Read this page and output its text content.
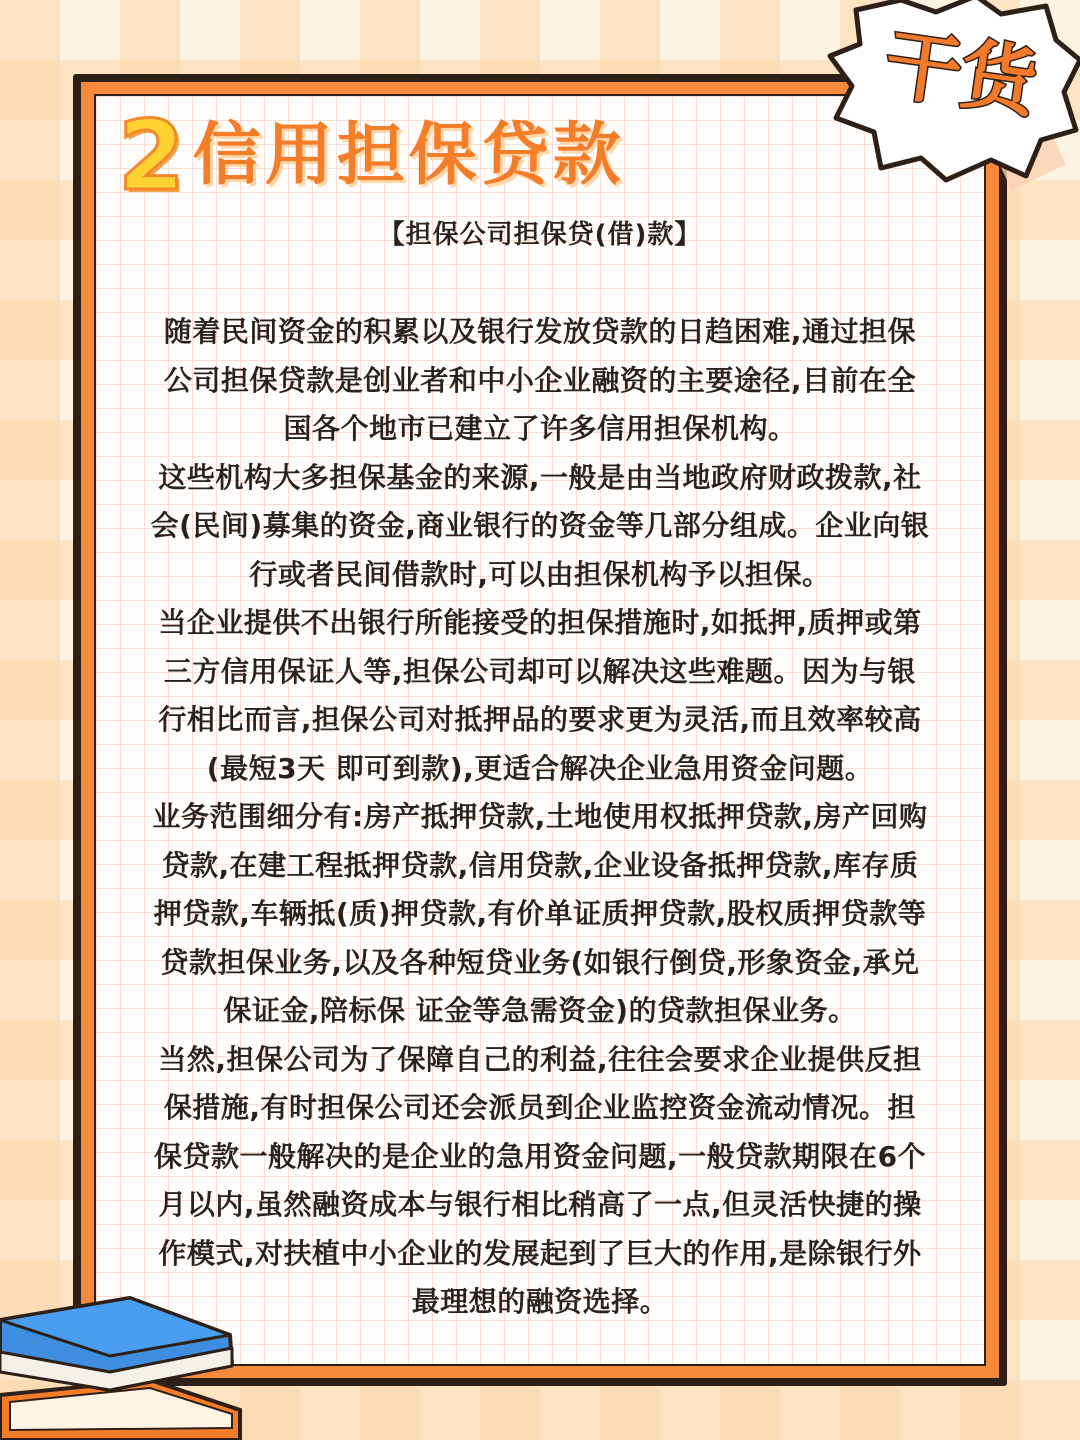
2 信用担保贷款
【担保公司担保贷(借)款】

随着民间资金的积累以及银行发放贷款的日趋困难,通过担保公司担保贷款是创业者和中小企业融资的主要途径,目前在全国各个地市已建立了许多信用担保机构。

这些机构大多担保基金的来源,一般是由当地政府财政拨款,社会(民间)募集的资金,商业银行的资金等几部分组成。企业向银行或者民间借款时,可以由担保机构予以担保。

当企业提供不出银行所能接受的担保措施时,如抵押,质押或第三方信用保证人等,担保公司却可以解决这些难题。因为与银行相比而言,担保公司对抵押品的要求更为灵活,而且效率较高(最短3天 即可到款),更适合解决企业急用资金问题。

业务范围细分有:房产抵押贷款,土地使用权抵押贷款,房产回购贷款,在建工程抵押贷款,信用贷款,企业设备抵押贷款,库存质押贷款,车辆抵(质)押贷款,有价单证质押贷款,股权质押贷款等贷款担保业务,以及各种短贷业务(如银行倒贷,形象资金,承兑保证金,陪标保 证金等急需资金)的贷款担保业务。

当然,担保公司为了保障自己的利益,往往会要求企业提供反担保措施,有时担保公司还会派员到企业监控资金流动情况。担保贷款一般解决的是企业的急用资金问题,一般贷款期限在6个月以内,虽然融资成本与银行相比稍高了一点,但灵活快捷的操作模式,对扶植中小企业的发展起到了巨大的作用,是除银行外最理想的融资选择。

干货
